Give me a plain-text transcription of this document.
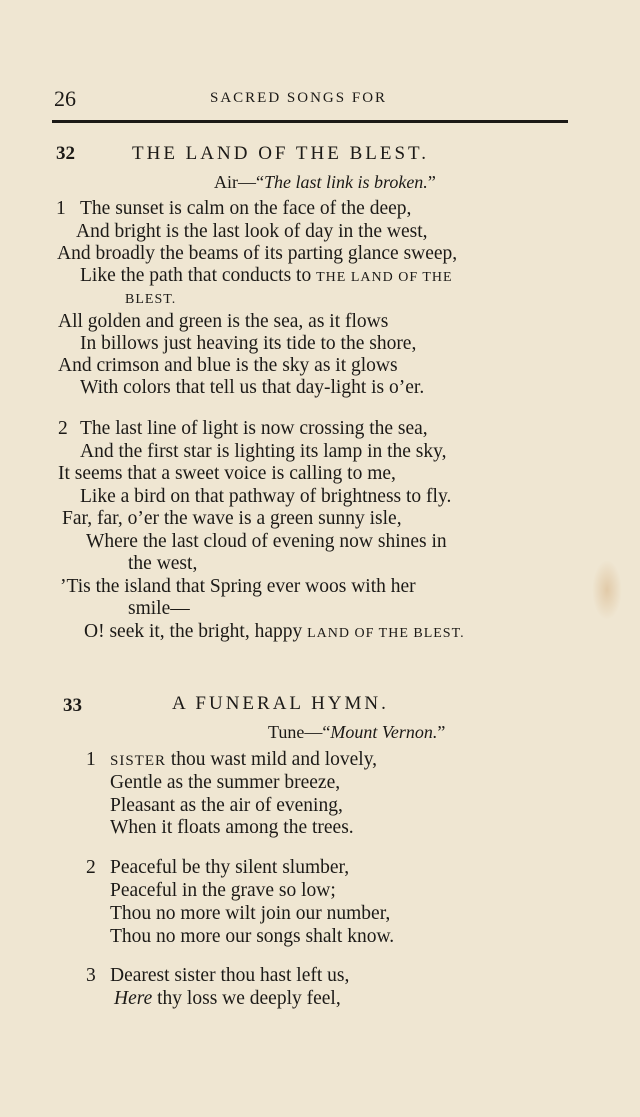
26	SACRED SONGS FOR
32	THE LAND OF THE BLEST.
Air—“The last link is broken.”
1 The sunset is calm on the face of the deep,
And bright is the last look of day in the west,
And broadly the beams of its parting glance sweep,
Like the path that conducts to THE LAND OF THE
BLEST.
All golden and green is the sea, as it flows
In billows just heaving its tide to the shore,
And crimson and blue is the sky as it glows
With colors that tell us that day-light is o’er.
2 The last line of light is now crossing the sea,
And the first star is lighting its lamp in the sky,
It seems that a sweet voice is calling to me,
Like a bird on that pathway of brightness to fly.
Far, far, o’er the wave is a green sunny isle,
Where the last cloud of evening now shines in
the west,
’Tis the island that Spring ever woos with her
smile—
O! seek it, the bright, happy LAND OF THE BLEST.
33	A FUNERAL HYMN.
Tune—“Mount Vernon.”
1 SISTER thou wast mild and lovely,
Gentle as the summer breeze,
Pleasant as the air of evening,
When it floats among the trees.
2 Peaceful be thy silent slumber,
Peaceful in the grave so low;
Thou no more wilt join our number,
Thou no more our songs shalt know.
3 Dearest sister thou hast left us,
Here thy loss we deeply feel,
